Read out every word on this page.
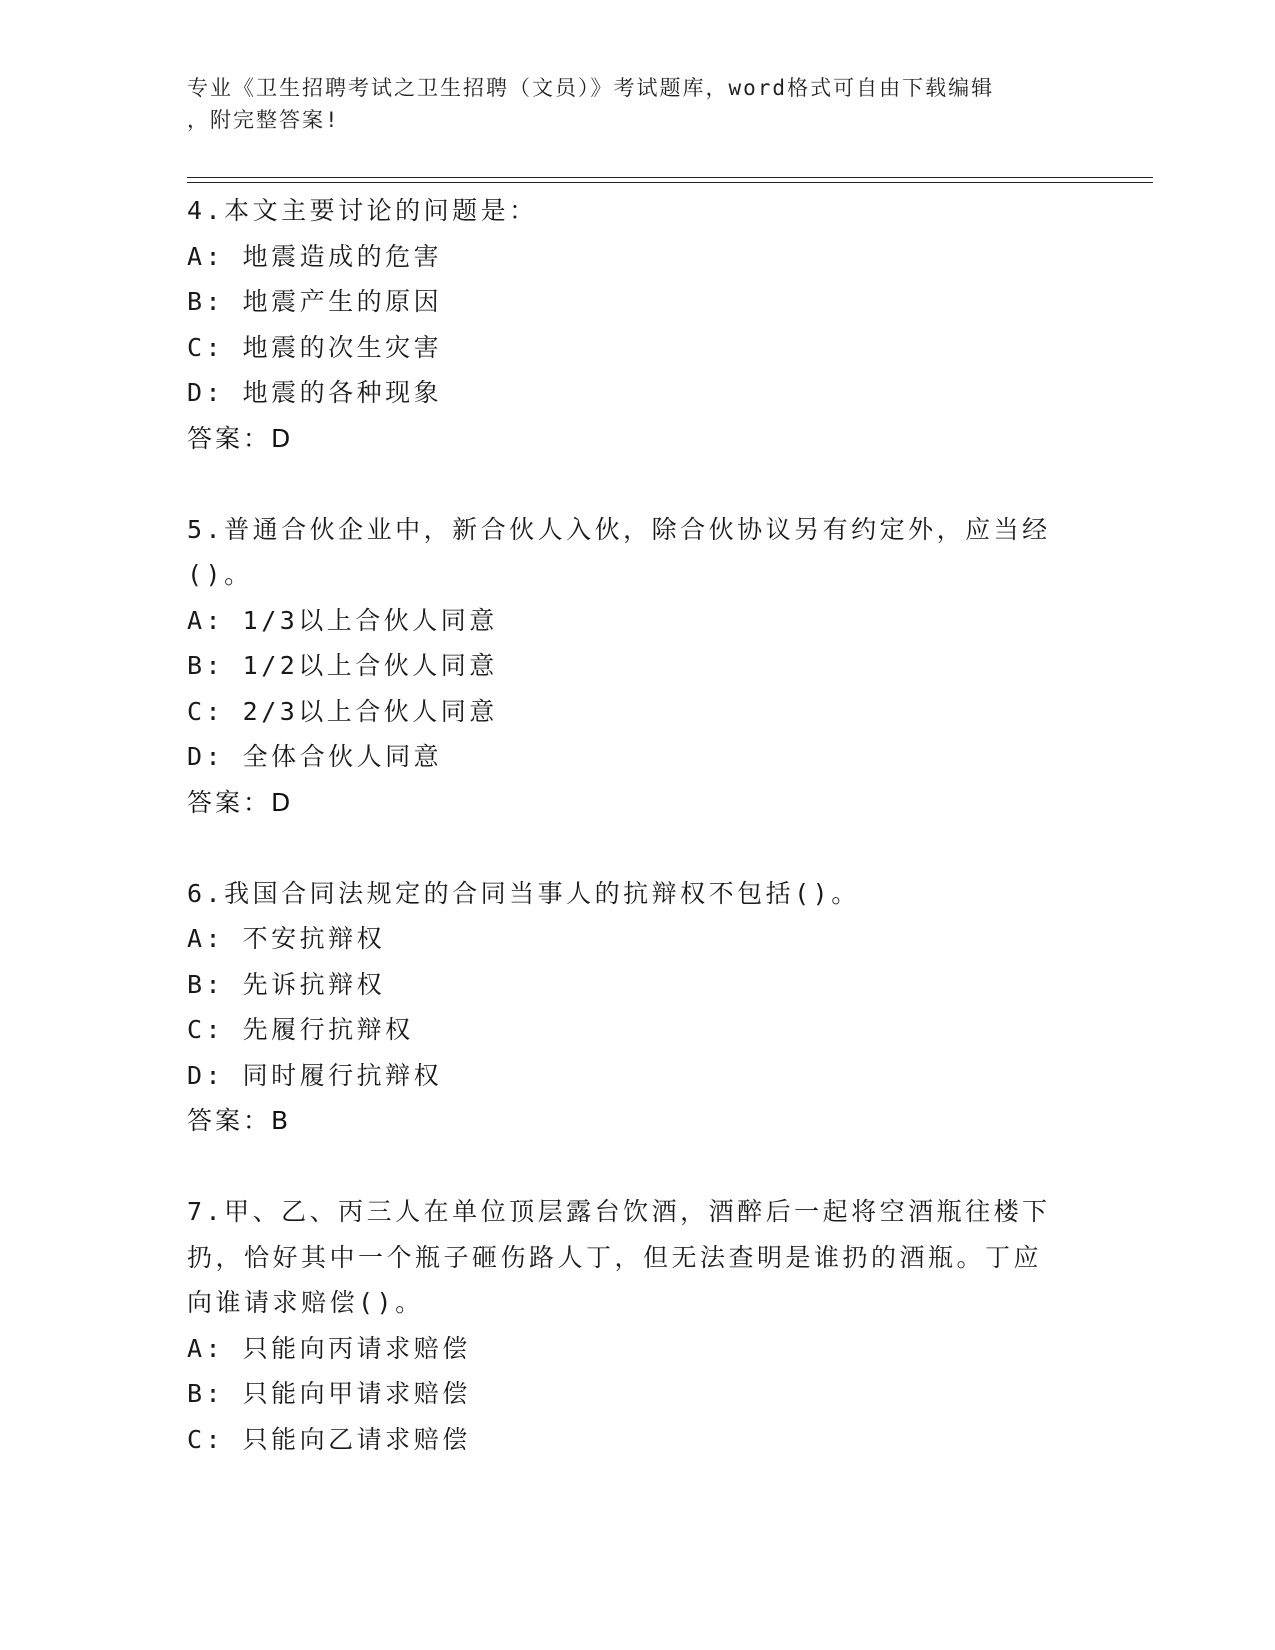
专业《卫生招聘考试之卫生招聘（文员）》考试题库，word格式可自由下载编辑
，附完整答案!
4.本文主要讨论的问题是：
A: 地震造成的危害
B: 地震产生的原因
C: 地震的次生灾害
D: 地震的各种现象
答案：D
5.普通合伙企业中，新合伙人入伙，除合伙协议另有约定外，应当经
()。
A: 1/3以上合伙人同意
B: 1/2以上合伙人同意
C: 2/3以上合伙人同意
D: 全体合伙人同意
答案：D
6.我国合同法规定的合同当事人的抗辩权不包括()。
A: 不安抗辩权
B: 先诉抗辩权
C: 先履行抗辩权
D: 同时履行抗辩权
答案：B
7.甲、乙、丙三人在单位顶层露台饮酒，酒醉后一起将空酒瓶往楼下
扔，恰好其中一个瓶子砸伤路人丁，但无法查明是谁扔的酒瓶。丁应
向谁请求赔偿()。
A: 只能向丙请求赔偿
B: 只能向甲请求赔偿
C: 只能向乙请求赔偿
